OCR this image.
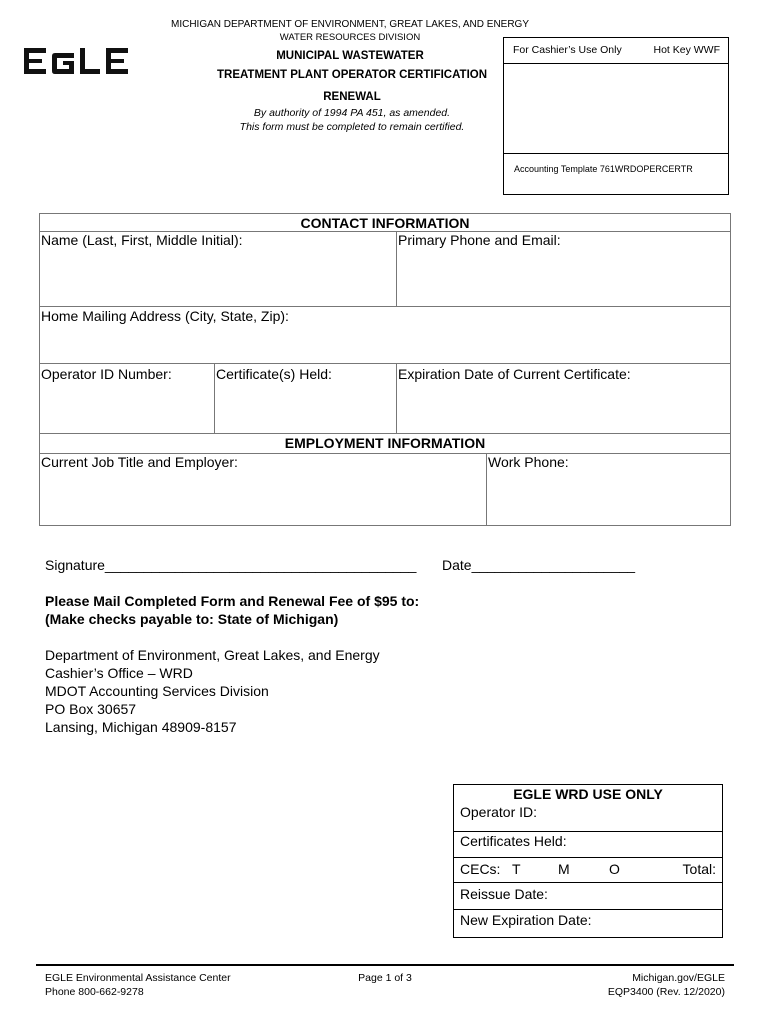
MICHIGAN DEPARTMENT OF ENVIRONMENT, GREAT LAKES, AND ENERGY
WATER RESOURCES DIVISION
MUNICIPAL WASTEWATER
TREATMENT PLANT OPERATOR CERTIFICATION
RENEWAL
By authority of 1994 PA 451, as amended.
This form must be completed to remain certified.
For Cashier’s Use Only	Hot Key WWF
Accounting Template 761WRDOPERCERTR
CONTACT INFORMATION
Name (Last, First, Middle Initial):	Primary Phone and Email:
Home Mailing Address (City, State, Zip):
Operator ID Number:	Certificate(s) Held:	Expiration Date of Current Certificate:
EMPLOYMENT INFORMATION
Current Job Title and Employer:	Work Phone:
Signature________________________________________ Date_____________________
Please Mail Completed Form and Renewal Fee of $95 to:
(Make checks payable to: State of Michigan)
Department of Environment, Great Lakes, and Energy
Cashier’s Office – WRD
MDOT Accounting Services Division
PO Box 30657
Lansing, Michigan 48909-8157
EGLE WRD USE ONLY
Operator ID:
Certificates Held:
CECs: T	M	O	Total:
Reissue Date:
New Expiration Date:
EGLE Environmental Assistance Center
Phone 800-662-9278
Page 1 of 3	Michigan.gov/EGLE
EQP3400 (Rev. 12/2020)
